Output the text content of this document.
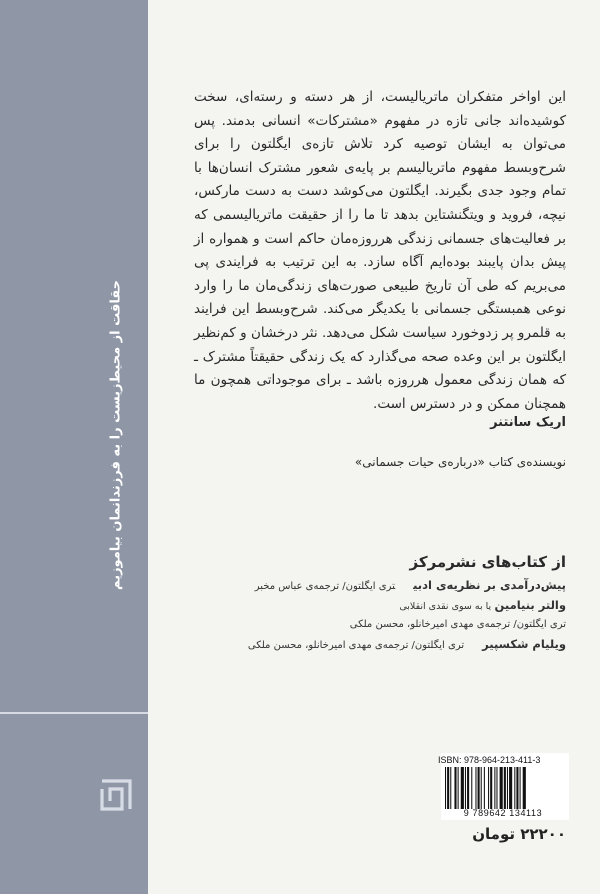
حقاقت از محیط‌زیست را به فرزندانمان بیاموزیم

این اواخر متفکران ماتریالیست، از هر دسته و رسته‌ای، سخت کوشیده‌اند جانی تازه در مفهوم «مشترکات» انسانی بدمند. پس می‌توان به ایشان توصیه کرد تلاش تازه‌ی ایگلتون را برای شرح‌وبسط مفهوم ماتریالیسم بر پایه‌ی شعور مشترک انسان‌ها با تمام وجود جدی بگیرند. ایگلتون می‌کوشد دست به دست مارکس، نیچه، فروید و ویتگنشتاین بدهد تا ما را از حقیقت ماتریالیسمی که بر فعالیت‌های جسمانی زندگی هرروزه‌مان حاکم است و همواره از پیش بدان پایبند بوده‌ایم آگاه سازد. به این ترتیب به فرایندی پی می‌بریم که طی آن تاریخ طبیعی صورت‌های زندگی‌مان ما را وارد نوعی همبستگی جسمانی با یکدیگر می‌کند. شرح‌وبسط این فرایند به قلمرو پر زدوخورد سیاست شکل می‌دهد. نثر درخشان و کم‌نظیر ایگلتون بر این وعده صحه می‌گذارد که یک زندگی حقیقتاً مشترک ـ که همان زندگی معمول هرروزه باشد ـ برای موجوداتی همچون ما همچنان ممکن و در دسترس است.

اریک سانتنر
نویسنده‌ی کتاب «درباره‌ی حیات جسمانی»
از کتاب‌های نشرمرکز
پیش‌درآمدی بر نظریه‌ی ادبیتری ایگلتون/ ترجمه‌ی عباس مخبر
والتر بنیامین یا به سوی نقدی انقلابی
تری ایگلتون/ ترجمه‌ی مهدی امیرخانلو، محسن ملکی
ویلیام شکسپیرتری ایگلتون/ ترجمه‌ی مهدی امیرخانلو، محسن ملکی
ISBN: 978-964-213-411-3
9 789642 134113
۲۲۲۰۰ تومان
